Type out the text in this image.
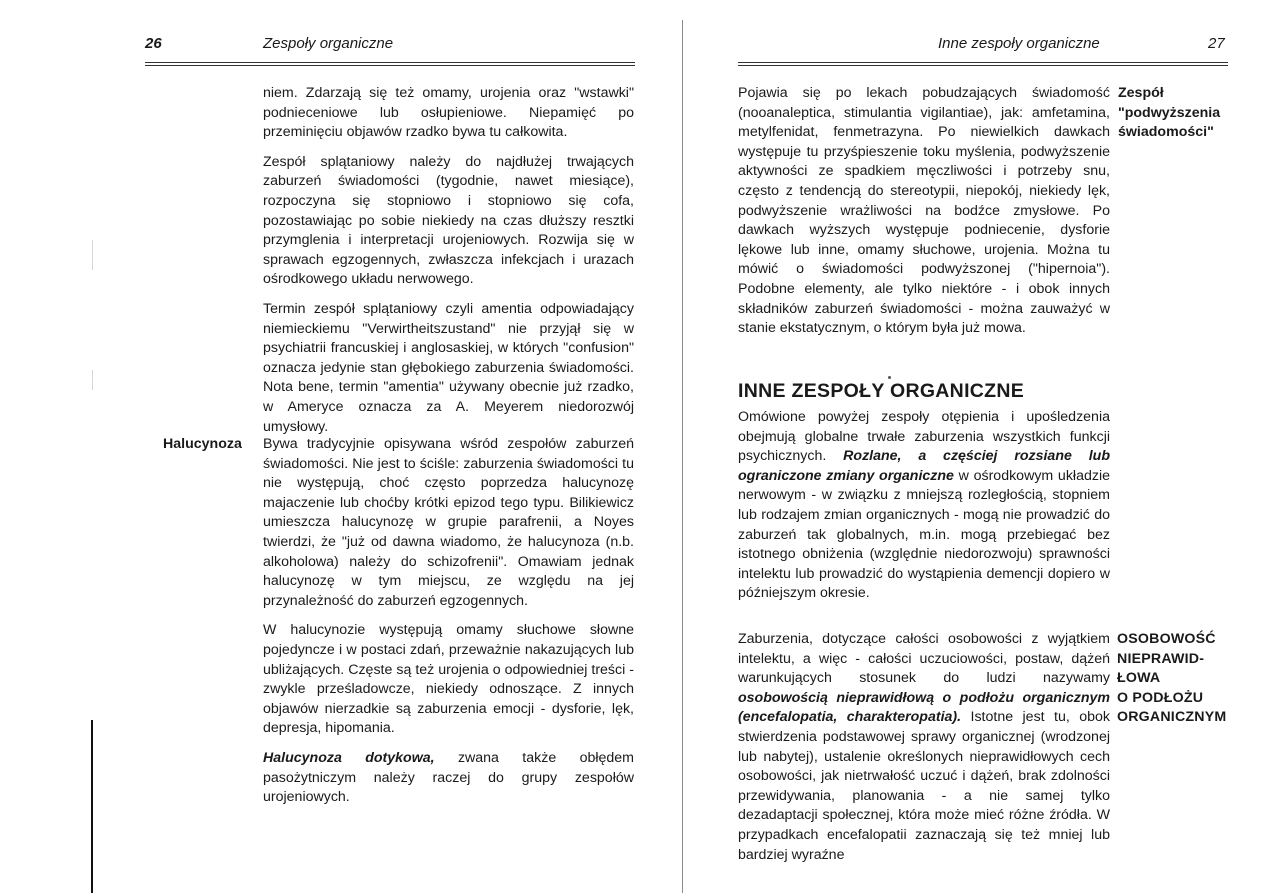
26	Zespoły organiczne

niem. Zdarzają się też omamy, urojenia oraz "wstawki" podnieceniowe lub osłupieniowe. Niepamięć po przeminięciu objawów rzadko bywa tu całkowita.

Zespół splątaniowy należy do najdłużej trwających zaburzeń świadomości (tygodnie, nawet miesiące), rozpoczyna się stopniowo i stopniowo się cofa, pozostawiając po sobie niekiedy na czas dłuższy resztki przymglenia i interpretacji urojeniowych. Rozwija się w sprawach egzogennych, zwłaszcza infekcjach i urazach ośrodkowego układu nerwowego.

Termin zespół splątaniowy czyli amentia odpowiadający niemieckiemu "Verwirtheitszustand" nie przyjął się w psychiatrii francuskiej i anglosaskiej, w których "confusion" oznacza jedynie stan głębokiego zaburzenia świadomości. Nota bene, termin "amentia" używany obecnie już rzadko, w Ameryce oznacza za A. Meyerem niedorozwój umysłowy.

Halucynoza Bywa tradycyjnie opisywana wśród zespołów zaburzeń świadomości. Nie jest to ściśle: zaburzenia świadomości tu nie występują, choć często poprzedza halucynozę majaczenie lub choćby krótki epizod tego typu. Bilikiewicz umieszcza halucynozę w grupie parafrenii, a Noyes twierdzi, że "już od dawna wiadomo, że halucynoza (n.b. alkoholowa) należy do schizofrenii". Omawiam jednak halucynozę w tym miejscu, ze względu na jej przynależność do zaburzeń egzogennych.

W halucynozie występują omamy słuchowe słowne pojedyncze i w postaci zdań, przeważnie nakazujących lub ubliżających. Częste są też urojenia o odpowiedniej treści - zwykle prześladowcze, niekiedy odnoszące. Z innych objawów nierzadkie są zaburzenia emocji - dysforie, lęk, depresja, hipomania.

Halucynoza dotykowa, zwana także obłędem pasożytniczym należy raczej do grupy zespołów urojeniowych.

Inne zespoły organiczne	27
Pojawia się po lekach pobudzających świadomość (nooanaleptica, stimulantia vigilantiae), jak: amfetamina, metylfenidat, fenmetrazyna. Po niewielkich dawkach występuje tu przyśpieszenie toku myślenia, podwyższenie aktywności ze spadkiem męczliwości i potrzeby snu, często z tendencją do stereotypii, niepokój, niekiedy lęk, podwyższenie wrażliwości na bodźce zmysłowe. Po dawkach wyższych występuje podniecenie, dysforie lękowe lub inne, omamy słuchowe, urojenia. Można tu mówić o świadomości podwyższonej ("hipernoia"). Podobne elementy, ale tylko niektóre - i obok innych składników zaburzeń świadomości - można zauważyć w stanie ekstatycznym, o którym była już mowa.
Zespół
"podwyższenia
świadomości"
INNE ZESPOŁY ORGANICZNE
Omówione powyżej zespoły otępienia i upośledzenia obejmują globalne trwałe zaburzenia wszystkich funkcji psychicznych. Rozlane, a częściej rozsiane lub ograniczone zmiany organiczne w ośrodkowym układzie nerwowym - w związku z mniejszą rozległością, stopniem lub rodzajem zmian organicznych - mogą nie prowadzić do zaburzeń tak globalnych, m.in. mogą przebiegać bez istotnego obniżenia (względnie niedorozwoju) sprawności intelektu lub prowadzić do wystąpienia demencji dopiero w późniejszym okresie.
Zaburzenia, dotyczące całości osobowości z wyjątkiem intelektu, a więc - całości uczuciowości, postaw, dążeń warunkujących stosunek do ludzi nazywamy osobowością nieprawidłową o podłożu organicznym (encefalopatia, charakteropatia). Istotne jest tu, obok stwierdzenia podstawowej sprawy organicznej (wrodzonej lub nabytej), ustalenie określonych nieprawidłowych cech osobowości, jak nietrwałość uczuć i dążeń, brak zdolności przewidywania, planowania - a nie samej tylko dezadaptacji społecznej, która może mieć różne źródła. W przypadkach encefalopatii zaznaczają się też mniej lub bardziej wyraźne
OSOBOWOŚĆ
NIEPRAWID-
ŁOWA
O PODŁOŻU
ORGANICZNYM
